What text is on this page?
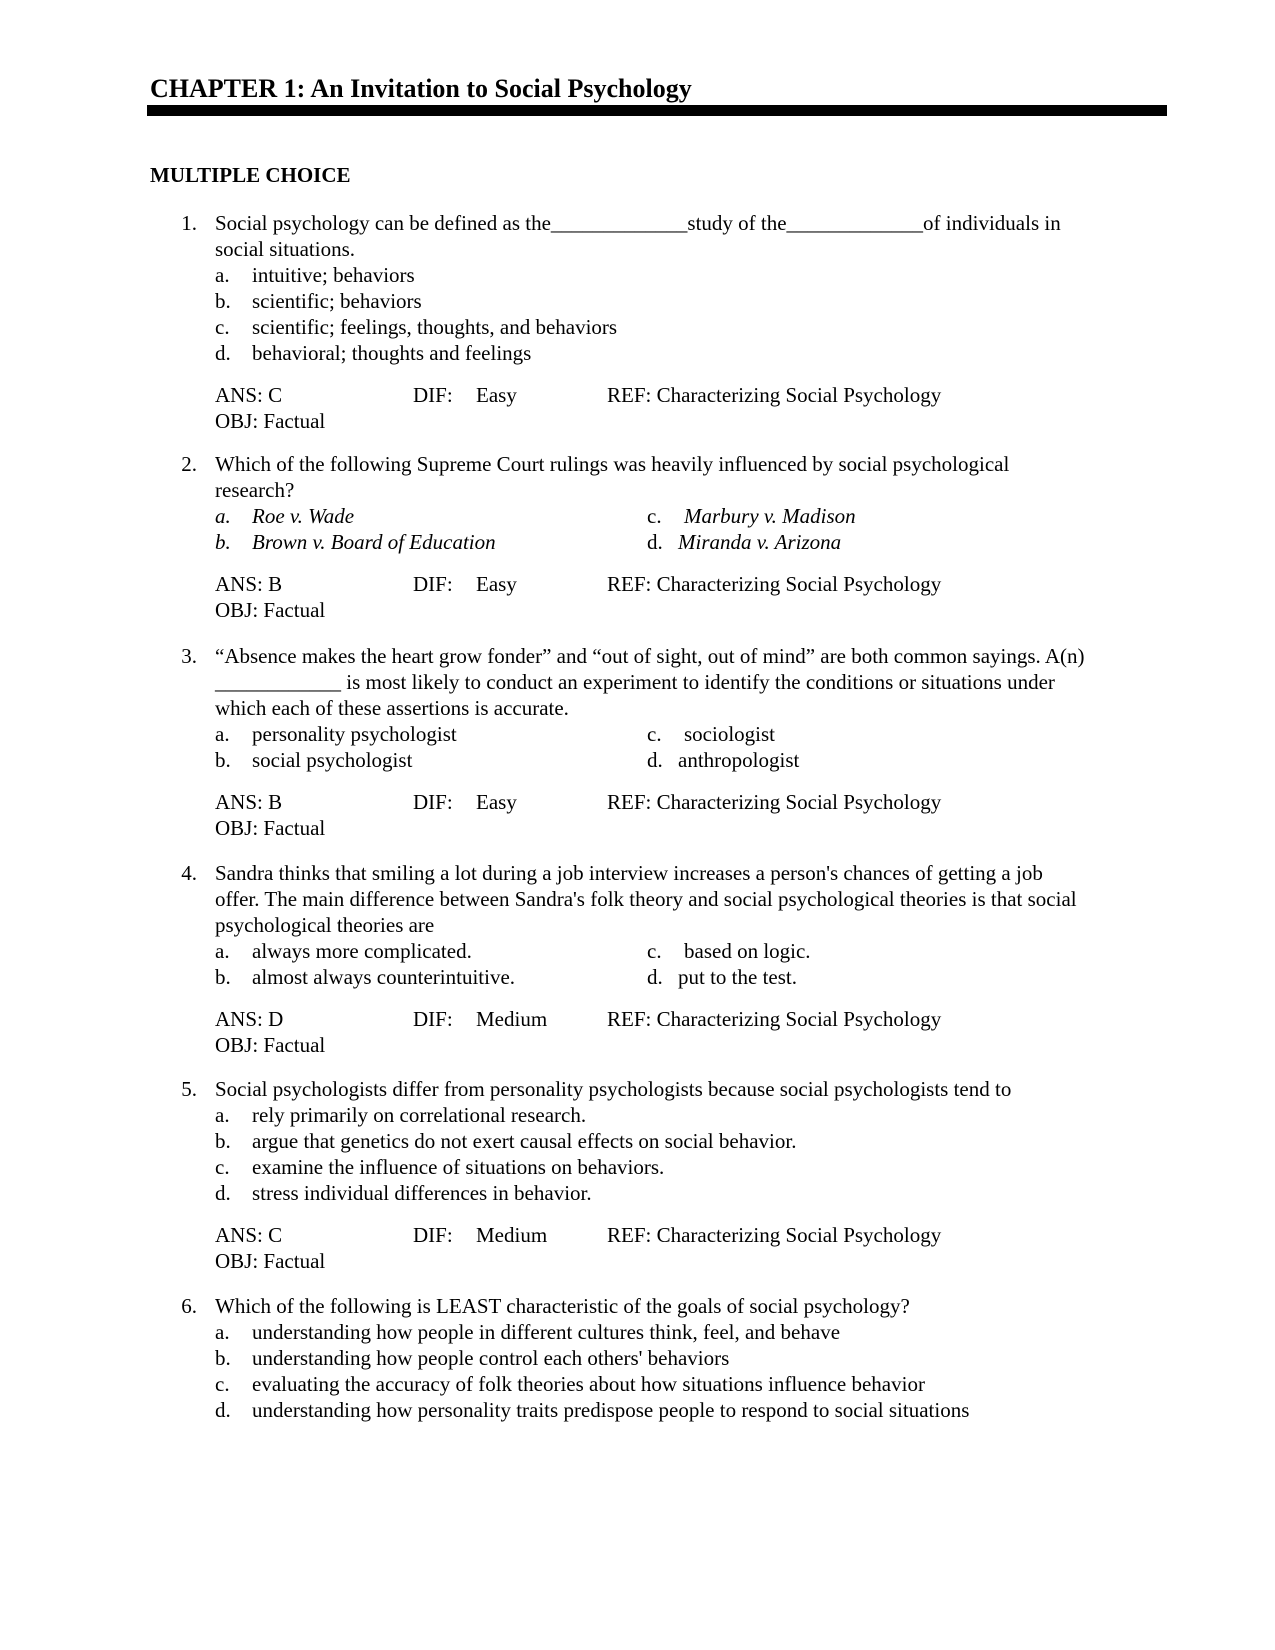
CHAPTER 1: An Invitation to Social Psychology
MULTIPLE CHOICE
1. Social psychology can be defined as the_____________study of the_____________of individuals in
social situations.
a. intuitive; behaviors
b. scientific; behaviors
c. scientific; feelings, thoughts, and behaviors
d. behavioral; thoughts and feelings
ANS: C	DIF: Easy	REF: Characterizing Social Psychology
OBJ: Factual
2. Which of the following Supreme Court rulings was heavily influenced by social psychological
research?
a. Roe v. Wade
b. Brown v. Board of Education
c. Marbury v. Madison
d. Miranda v. Arizona
ANS: B	DIF: Easy	REF: Characterizing Social Psychology
OBJ: Factual
3. “Absence makes the heart grow fonder” and “out of sight, out of mind” are both common sayings. A(n)
____________ is most likely to conduct an experiment to identify the conditions or situations under
which each of these assertions is accurate.
a. personality psychologist
b. social psychologist
c. sociologist
d. anthropologist
ANS: B	DIF: Easy	REF: Characterizing Social Psychology
OBJ: Factual
4. Sandra thinks that smiling a lot during a job interview increases a person's chances of getting a job
offer. The main difference between Sandra's folk theory and social psychological theories is that social
psychological theories are
a. always more complicated.
b. almost always counterintuitive.
c. based on logic.
d. put to the test.
ANS: D	DIF: Medium	REF: Characterizing Social Psychology
OBJ: Factual
5. Social psychologists differ from personality psychologists because social psychologists tend to
a. rely primarily on correlational research.
b. argue that genetics do not exert causal effects on social behavior.
c. examine the influence of situations on behaviors.
d. stress individual differences in behavior.
ANS: C	DIF: Medium	REF: Characterizing Social Psychology
OBJ: Factual
6. Which of the following is LEAST characteristic of the goals of social psychology?
a. understanding how people in different cultures think, feel, and behave
b. understanding how people control each others' behaviors
c. evaluating the accuracy of folk theories about how situations influence behavior
d. understanding how personality traits predispose people to respond to social situations
